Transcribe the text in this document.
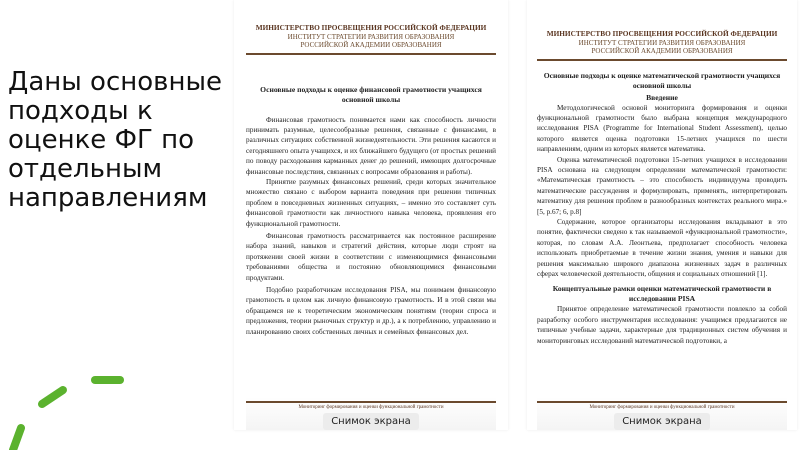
Даны основные подходы к оценке ФГ по отдельным направлениям
МИНИСТЕРСТВО ПРОСВЕЩЕНИЯ РОССИЙСКОЙ ФЕДЕРАЦИИ
ИНСТИТУТ СТРАТЕГИИ РАЗВИТИЯ ОБРАЗОВАНИЯ
РОССИЙСКОЙ АКАДЕМИИ ОБРАЗОВАНИЯ
Основные подходы к оценке финансовой грамотности учащихся основной школы
Финансовая грамотность понимается нами как способность личности принимать разумные, целесообразные решения, связанные с финансами, в различных ситуациях собственной жизнедеятельности. Эти решения касаются и сегодняшнего опыта учащихся, и их ближайшего будущего (от простых решений по поводу расходования карманных денег до решений, имеющих долгосрочные финансовые последствия, связанных с вопросами образования и работы).
Принятие разумных финансовых решений, среди которых значительное множество связано с выбором варианта поведения при решении типичных проблем в повседневных жизненных ситуациях, – именно это составляет суть финансовой грамотности как личностного навыка человека, проявления его функциональной грамотности.
Финансовая грамотность рассматривается как постоянное расширение набора знаний, навыков и стратегий действия, которые люди строят на протяжении своей жизни в соответствии с изменяющимися финансовыми требованиями общества и постоянно обновляющимися финансовыми продуктами.
Подобно разработчикам исследования PISA, мы понимаем финансовую грамотность в целом как личную финансовую грамотность. И в этой связи мы обращаемся не к теоретическим экономическим понятиям (теории спроса и предложения, теории рыночных структур и др.), а к потреблению, управлению и планированию своих собственных личных и семейных финансовых дел.
Мониторинг формирования и оценки функциональной грамотности
Снимок экрана
МИНИСТЕРСТВО ПРОСВЕЩЕНИЯ РОССИЙСКОЙ ФЕДЕРАЦИИ
ИНСТИТУТ СТРАТЕГИИ РАЗВИТИЯ ОБРАЗОВАНИЯ
РОССИЙСКОЙ АКАДЕМИИ ОБРАЗОВАНИЯ
Основные подходы к оценке математической грамотности учащихся основной школы
Введение
Методологической основой мониторинга формирования и оценки функциональной грамотности было выбрана концепция международного исследования PISA (Programme for International Student Assessment), целью которого является оценка подготовки 15-летних учащихся по шести направлениям, одним из которых является математика.
Оценка математической подготовки 15-летних учащихся в исследовании PISA основана на следующем определении математической грамотности: «Математическая грамотность – это способность индивидуума проводить математические рассуждения и формулировать, применять, интерпретировать математику для решения проблем в разнообразных контекстах реального мира.» [5, p.67; 6, p.8]
Содержание, которое организаторы исследования вкладывают в это понятие, фактически сведено к так называемой «функциональной грамотности», которая, по словам А.А. Леонтьева, предполагает способность человека использовать приобретаемые в течение жизни знания, умения и навыки для решения максимально широкого диапазона жизненных задач в различных сферах человеческой деятельности, общения и социальных отношений [1].
Концептуальные рамки оценки математической грамотности в исследовании PISA
Принятое определение математической грамотности повлекло за собой разработку особого инструментария исследования: учащимся предлагаются не типичные учебные задачи, характерные для традиционных систем обучения и мониторинговых исследований математической подготовки, а
Мониторинг формирования и оценки функциональной грамотности
Снимок экрана
